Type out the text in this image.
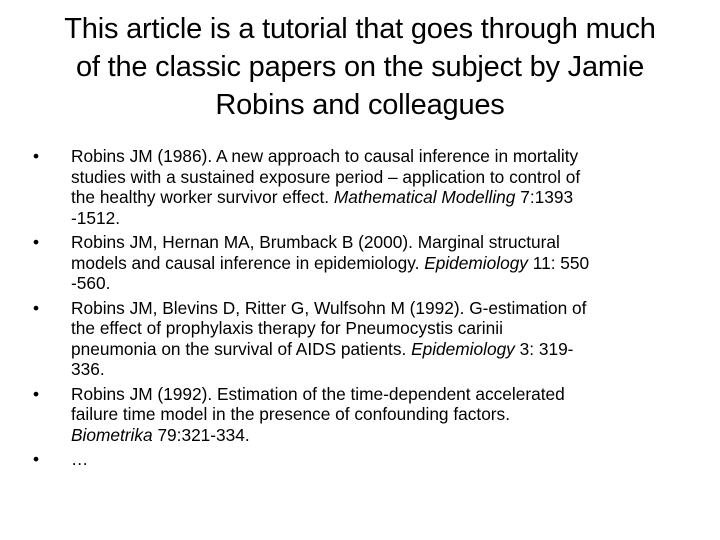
This article is a tutorial that goes through much
of the classic papers on the subject by Jamie
Robins and colleagues
• Robins JM (1986). A new approach to causal inference in mortality
studies with a sustained exposure period – application to control of
the healthy worker survivor effect. Mathematical Modelling 7:1393
-1512.
• Robins JM, Hernan MA, Brumback B (2000). Marginal structural
models and causal inference in epidemiology. Epidemiology 11: 550
-560.
• Robins JM, Blevins D, Ritter G, Wulfsohn M (1992). G-estimation of
the effect of prophylaxis therapy for Pneumocystis carinii
pneumonia on the survival of AIDS patients. Epidemiology 3: 319-
336.
• Robins JM (1992). Estimation of the time-dependent accelerated
failure time model in the presence of confounding factors.
Biometrika 79:321-334.
• …
